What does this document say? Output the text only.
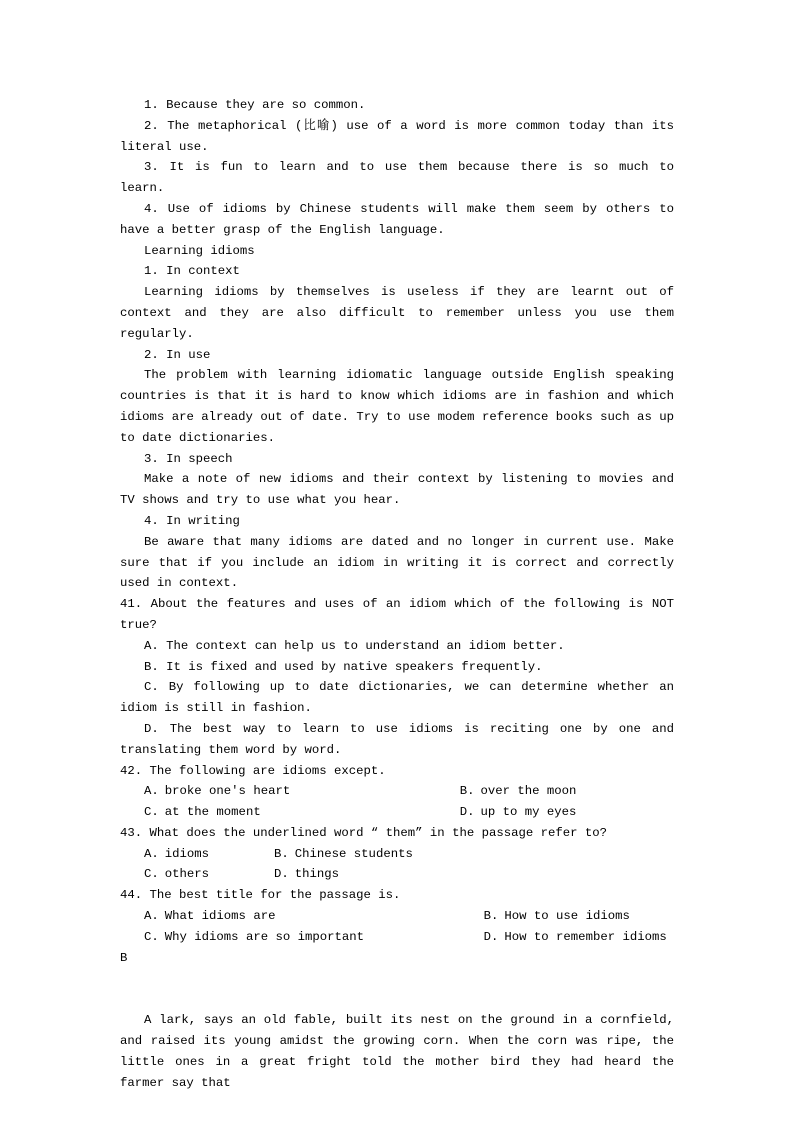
1. Because they are so common.

2. The metaphorical (比喻) use of a word is more common today than its literal use.

3. It is fun to learn and to use them because there is so much to learn.

4. Use of idioms by Chinese students will make them seem by others to have a better grasp of the English language.

Learning idioms

1. In context

Learning idioms by themselves is useless if they are learnt out of context and they are also difficult to remember unless you use them regularly.

2. In use

The problem with learning idiomatic language outside English speaking countries is that it is hard to know which idioms are in fashion and which idioms are already out of date. Try to use modem reference books such as up to date dictionaries.

3. In speech

Make a note of new idioms and their context by listening to movies and TV shows and try to use what you hear.

4. In writing

Be aware that many idioms are dated and no longer in current use. Make sure that if you include an idiom in writing it is correct and correctly used in context.

41. About the features and uses of an idiom which of the following is NOT true?

A. The context can help us to understand an idiom better.

B. It is fixed and used by native speakers frequently.

C. By following up to date dictionaries, we can determine whether an idiom is still in fashion.

D. The best way to learn to use idioms is reciting one by one and translating them word by word.

42. The following are idioms except.

A. broke one's heart	B. over the moon
C. at the moment	D. up to my eyes

43. What does the underlined word “ them” in the passage refer to?

A. idioms	B. Chinese students
C. others	D. things

44. The best title for the passage is.

A. What idioms are	B. How to use idioms
C. Why idioms are so important	D. How to remember idioms

B

A lark, says an old fable, built its nest on the ground in a cornfield, and raised its young amidst the growing corn. When the corn was ripe, the little ones in a great fright told the mother bird they had heard the farmer say that
